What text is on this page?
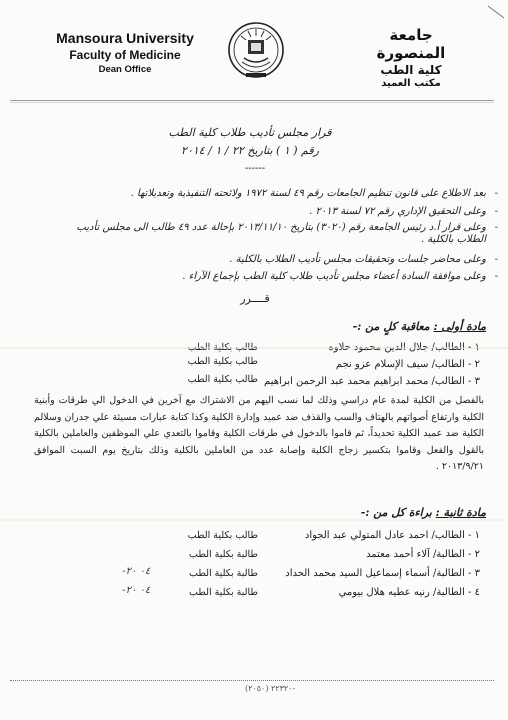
Mansoura University
Faculty of Medicine
Dean Office
جامعة المنصورة
كلية الطب
مكتب العميد
قرار مجلس تأديب طلاب كلية الطب
رقم ( ١ ) بتاريخ ٢٢ / ١ / ٢٠١٤
------
- بعد الاطلاع على قانون تنظيم الجامعات رقم ٤٩ لسنة ١٩٧٢ ولائحته التنفيذية وتعديلاتها .
- وعلى التحقيق الإداري رقم ٧٢ لسنة ٢٠١٣ .
- وعلى قرار أ.د رئيس الجامعة رقم (٣٠٢٠) بتاريخ ٢٠١٣/١١/١٠ بإحالة عدد ٤٩ طالب الى مجلس تأديب الطلاب بالكلية .
- وعلى محاضر جلسات وتحقيقات مجلس تأديب الطلاب بالكلية .
- وعلى موافقة السادة أعضاء مجلس تأديب طلاب كلية الطب بإجماع الآراء .
قــــرر
مادة أولى : معاقبة كلٍ من :-
١ - الطالب/ جلال الدين محمود حلاوه
طالب بكلية الطب
٢ - الطالب/ سيف الإسلام عزو نجم
طالب بكلية الطب
٣ - الطالب/ محمد ابراهيم محمد عبد الرحمن ابراهيم
طالب بكلية الطب
بالفصل من الكلية لمدة عام دراسي وذلك لما نسب اليهم من الاشتراك مع آخرين في الدخول الي طرقات وأبنية الكلية وارتفاع أصواتهم بالهتاف والسب والقذف ضد عميد وإدارة الكلية وكذا كتابة عبارات مسيئة علي جدران وسلالم الكلية ضد عميد الكلية تحديداً، ثم قاموا بالدخول في طرقات الكلية وقاموا بالتعدي علي الموظفين والعاملين بالكلية بالقول والفعل وقاموا بتكسير زجاج الكلية وإصابة عدد من العاملين بالكلية وذلك بتاريخ يوم السبت الموافق ٢٠١٣/٩/٢١ .
مادة ثانية : براءة كل من :-
١ - الطالب/ احمد عادل المتولي عبد الجواد
طالب بكلية الطب
٢ - الطالبة/ آلاء أحمد معتمد
طالبة بكلية الطب
٣ - الطالبة/ أسماء إسماعيل السيد محمد الحداد
طالبة بكلية الطب
-٠٤ ٢٠
٤ - الطالبة/ رنيه عطيه هلال بيومي
طالبة بكلية الطب
-٠٤ ٢٠
(٢٠٥٠) ٢٢٣٢٠-
